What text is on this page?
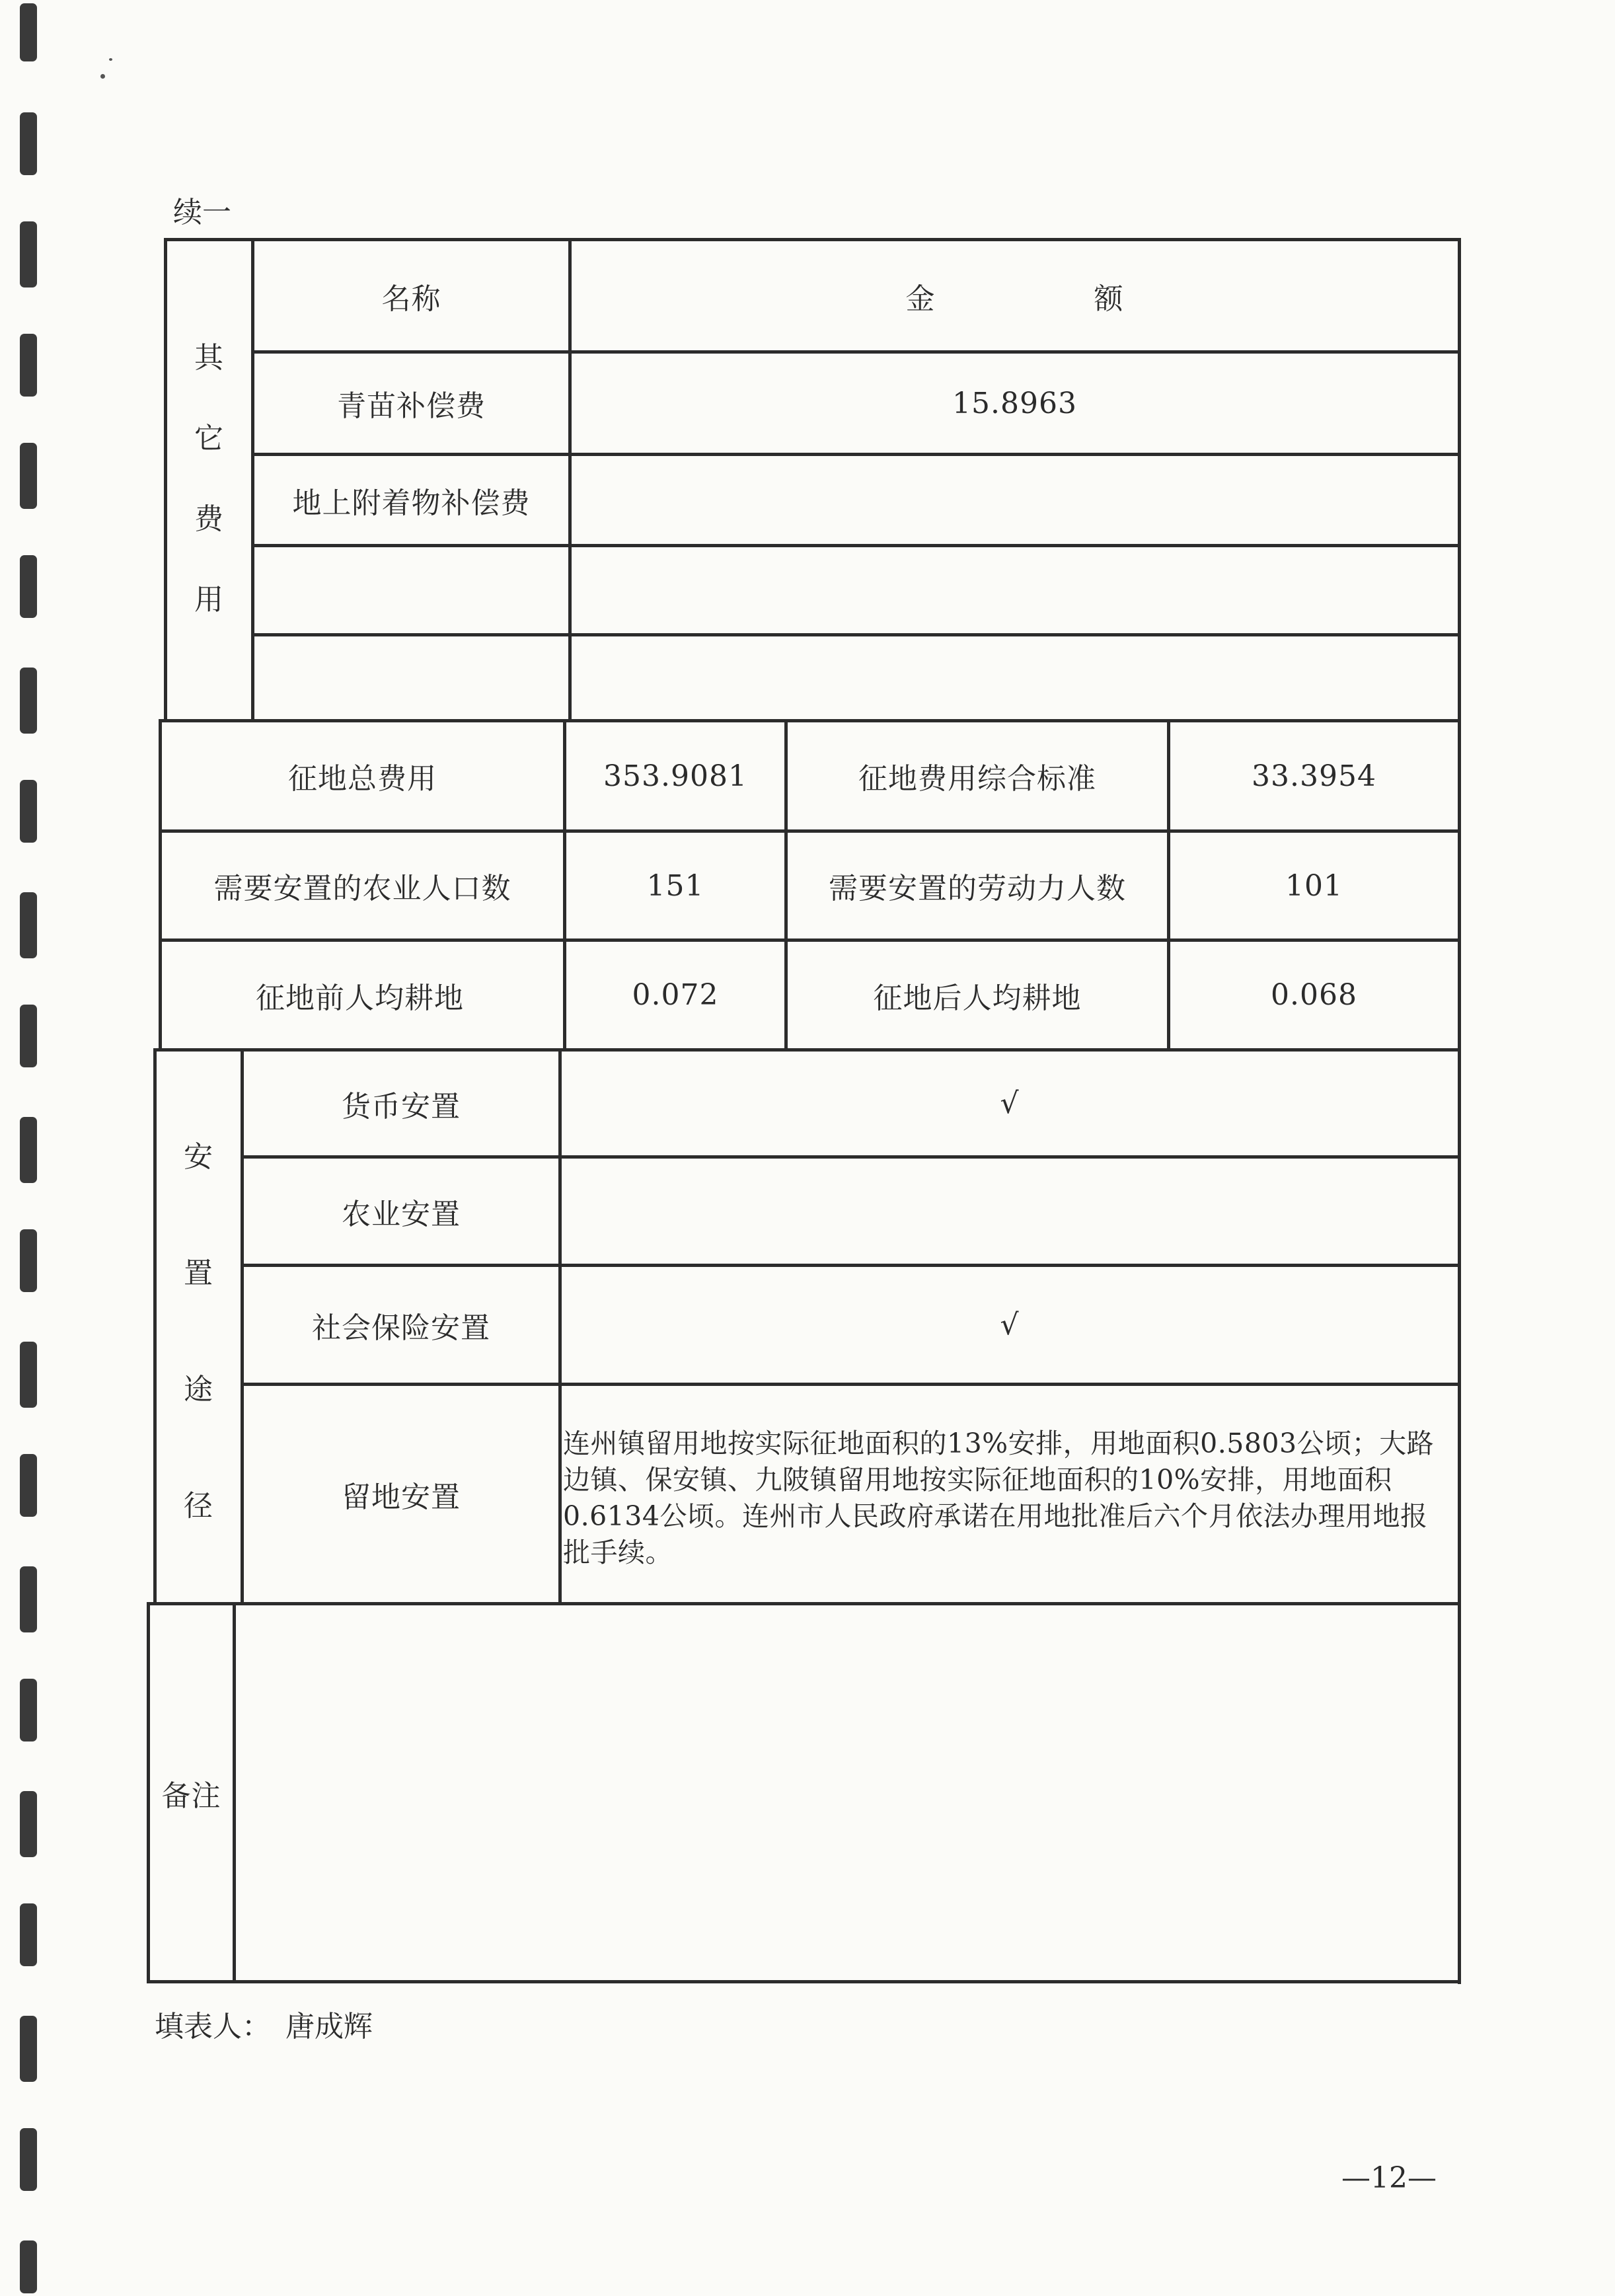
续一
其
它
费
用
安
置
途
径
名称	金	额
青苗补偿费	15.8963
地上附着物补偿费
征地总费用	353.9081	征地费用综合标准	33.3954
需要安置的农业人口数	151	需要安置的劳动力人数	101
征地前人均耕地	0.072	征地后人均耕地	0.068
货币安置	√
农业安置
社会保险安置	√
留地安置
连州镇留用地按实际征地面积的13%安排，用地面积0.5803公顷；大路边镇、保安镇、九陂镇留用地按实际征地面积的10%安排，用地面积0.6134公顷。连州市人民政府承诺在用地批准后六个月依法办理用地报批手续。
备注
填表人： 唐成辉
—12—
